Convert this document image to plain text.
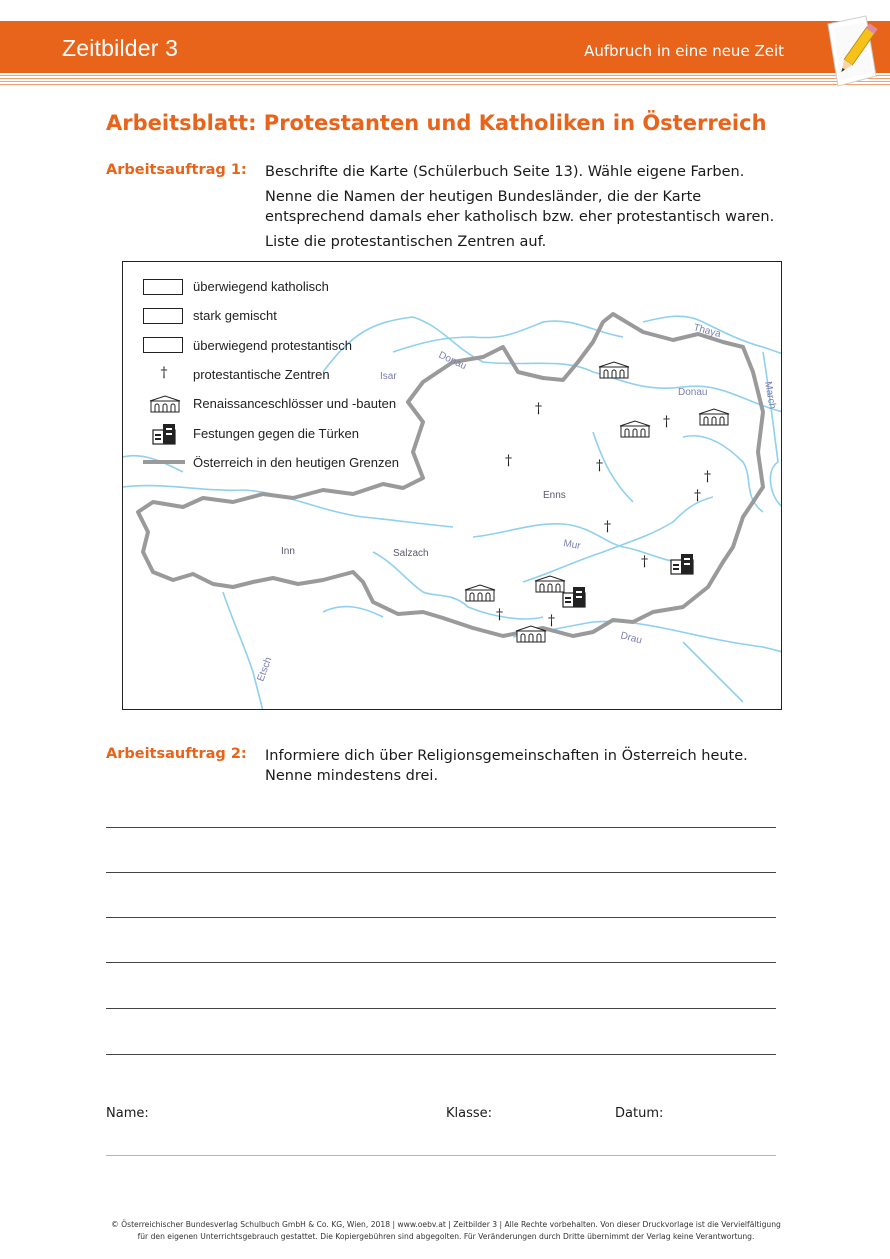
Zeitbilder 3	Aufbruch in eine neue Zeit
Arbeitsblatt: Protestanten und Katholiken in Österreich
Arbeitsauftrag 1: Beschrifte die Karte (Schülerbuch Seite 13). Wähle eigene Farben.

Nenne die Namen der heutigen Bundesländer, die der Karte entsprechend damals eher katholisch bzw. eher protestantisch waren.

Liste die protestantischen Zentren auf.

Donau
Donau
Thaya
March
Isar
Enns
Inn	Salzach
Mur
Drau
Etsch
†
†	†
†
†
†
†
†
†	†
überwiegend katholisch
stark gemischt
überwiegend protestantisch
†	protestantische Zentren
Renaissanceschlösser und -bauten
Festungen gegen die Türken
Österreich in den heutigen Grenzen
Arbeitsauftrag 2: Informiere dich über Religionsgemeinschaften in Österreich heute.
Nenne mindestens drei.
Name:	Klasse:	Datum:
© Österreichischer Bundesverlag Schulbuch GmbH & Co. KG, Wien, 2018 | www.oebv.at | Zeitbilder 3 | Alle Rechte vorbehalten. Von dieser Druckvorlage ist die Vervielfältigung
für den eigenen Unterrichtsgebrauch gestattet. Die Kopiergebühren sind abgegolten. Für Veränderungen durch Dritte übernimmt der Verlag keine Verantwortung.
